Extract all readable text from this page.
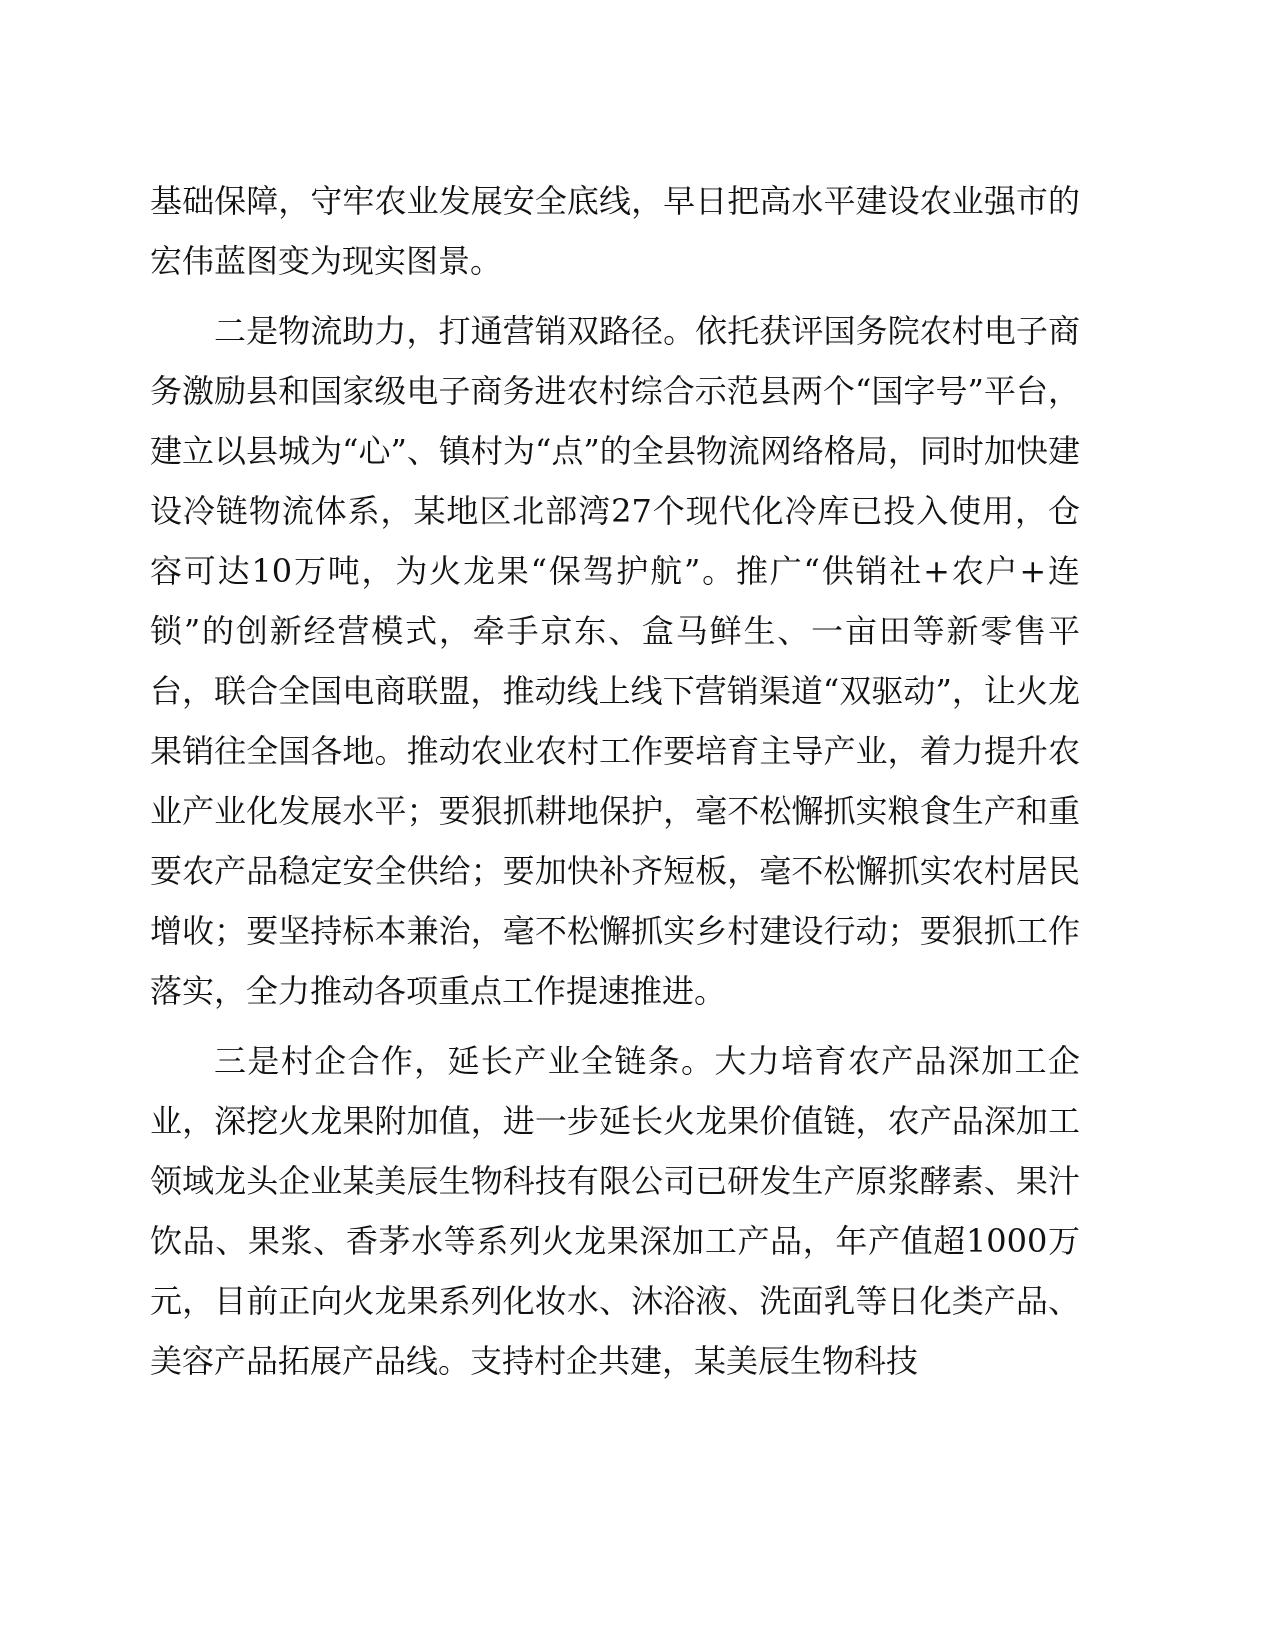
基础保障，守牢农业发展安全底线，早日把高水平建设农业强市的宏伟蓝图变为现实图景。

二是物流助力，打通营销双路径。依托获评国务院农村电子商务激励县和国家级电子商务进农村综合示范县两个“国字号”平台，建立以县城为“心”、镇村为“点”的全县物流网络格局，同时加快建设冷链物流体系，某地区北部湾27个现代化冷库已投入使用，仓容可达10万吨，为火龙果“保驾护航”。推广“供销社+农户+连锁”的创新经营模式，牵手京东、盒马鲜生、一亩田等新零售平台，联合全国电商联盟，推动线上线下营销渠道“双驱动”，让火龙果销往全国各地。推动农业农村工作要培育主导产业，着力提升农业产业化发展水平；要狠抓耕地保护，毫不松懈抓实粮食生产和重要农产品稳定安全供给；要加快补齐短板，毫不松懈抓实农村居民增收；要坚持标本兼治，毫不松懈抓实乡村建设行动；要狠抓工作落实，全力推动各项重点工作提速推进。

三是村企合作，延长产业全链条。大力培育农产品深加工企业，深挖火龙果附加值，进一步延长火龙果价值链，农产品深加工领域龙头企业某美辰生物科技有限公司已研发生产原浆酵素、果汁饮品、果浆、香茅水等系列火龙果深加工产品，年产值超1000万元，目前正向火龙果系列化妆水、沐浴液、洗面乳等日化类产品、美容产品拓展产品线。支持村企共建，某美辰生物科技
